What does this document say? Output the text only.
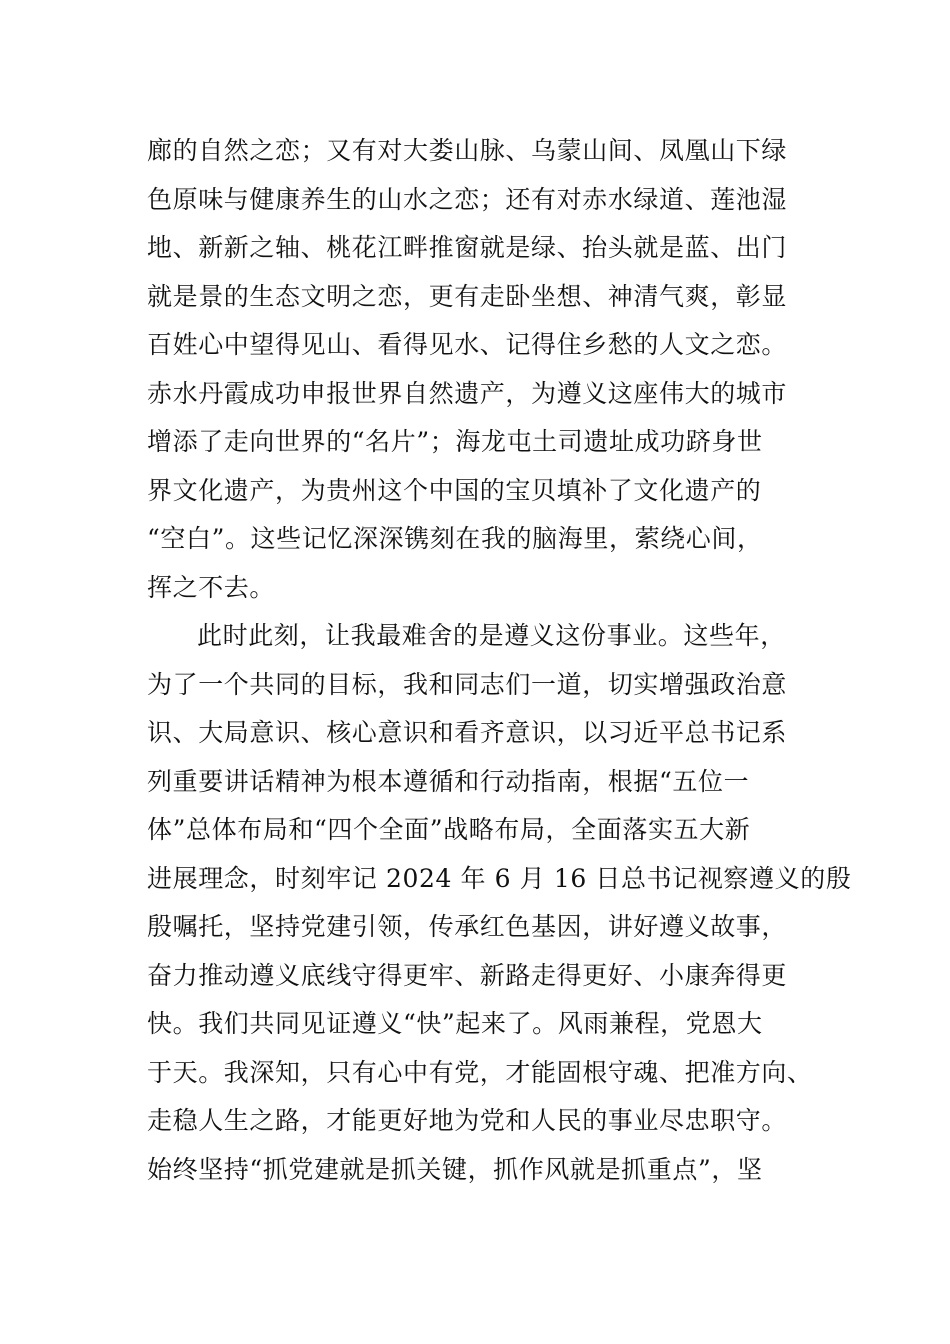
廊的自然之恋；又有对大娄山脉、乌蒙山间、凤凰山下绿
色原味与健康养生的山水之恋；还有对赤水绿道、莲池湿
地、新新之轴、桃花江畔推窗就是绿、抬头就是蓝、出门
就是景的生态文明之恋，更有走卧坐想、神清气爽，彰显
百姓心中望得见山、看得见水、记得住乡愁的人文之恋。
赤水丹霞成功申报世界自然遗产，为遵义这座伟大的城市
增添了走向世界的“名片”；海龙屯土司遗址成功跻身世
界文化遗产，为贵州这个中国的宝贝填补了文化遗产的
“空白”。这些记忆深深镌刻在我的脑海里，萦绕心间，
挥之不去。
此时此刻，让我最难舍的是遵义这份事业。这些年，
为了一个共同的目标，我和同志们一道，切实增强政治意
识、大局意识、核心意识和看齐意识，以习近平总书记系
列重要讲话精神为根本遵循和行动指南，根据“五位一
体”总体布局和“四个全面”战略布局，全面落实五大新
进展理念，时刻牢记 2024 年 6 月 16 日总书记视察遵义的殷
殷嘱托，坚持党建引领，传承红色基因，讲好遵义故事，
奋力推动遵义底线守得更牢、新路走得更好、小康奔得更
快。我们共同见证遵义“快”起来了。风雨兼程，党恩大
于天。我深知，只有心中有党，才能固根守魂、把准方向、
走稳人生之路，才能更好地为党和人民的事业尽忠职守。
始终坚持“抓党建就是抓关键，抓作风就是抓重点”，坚
